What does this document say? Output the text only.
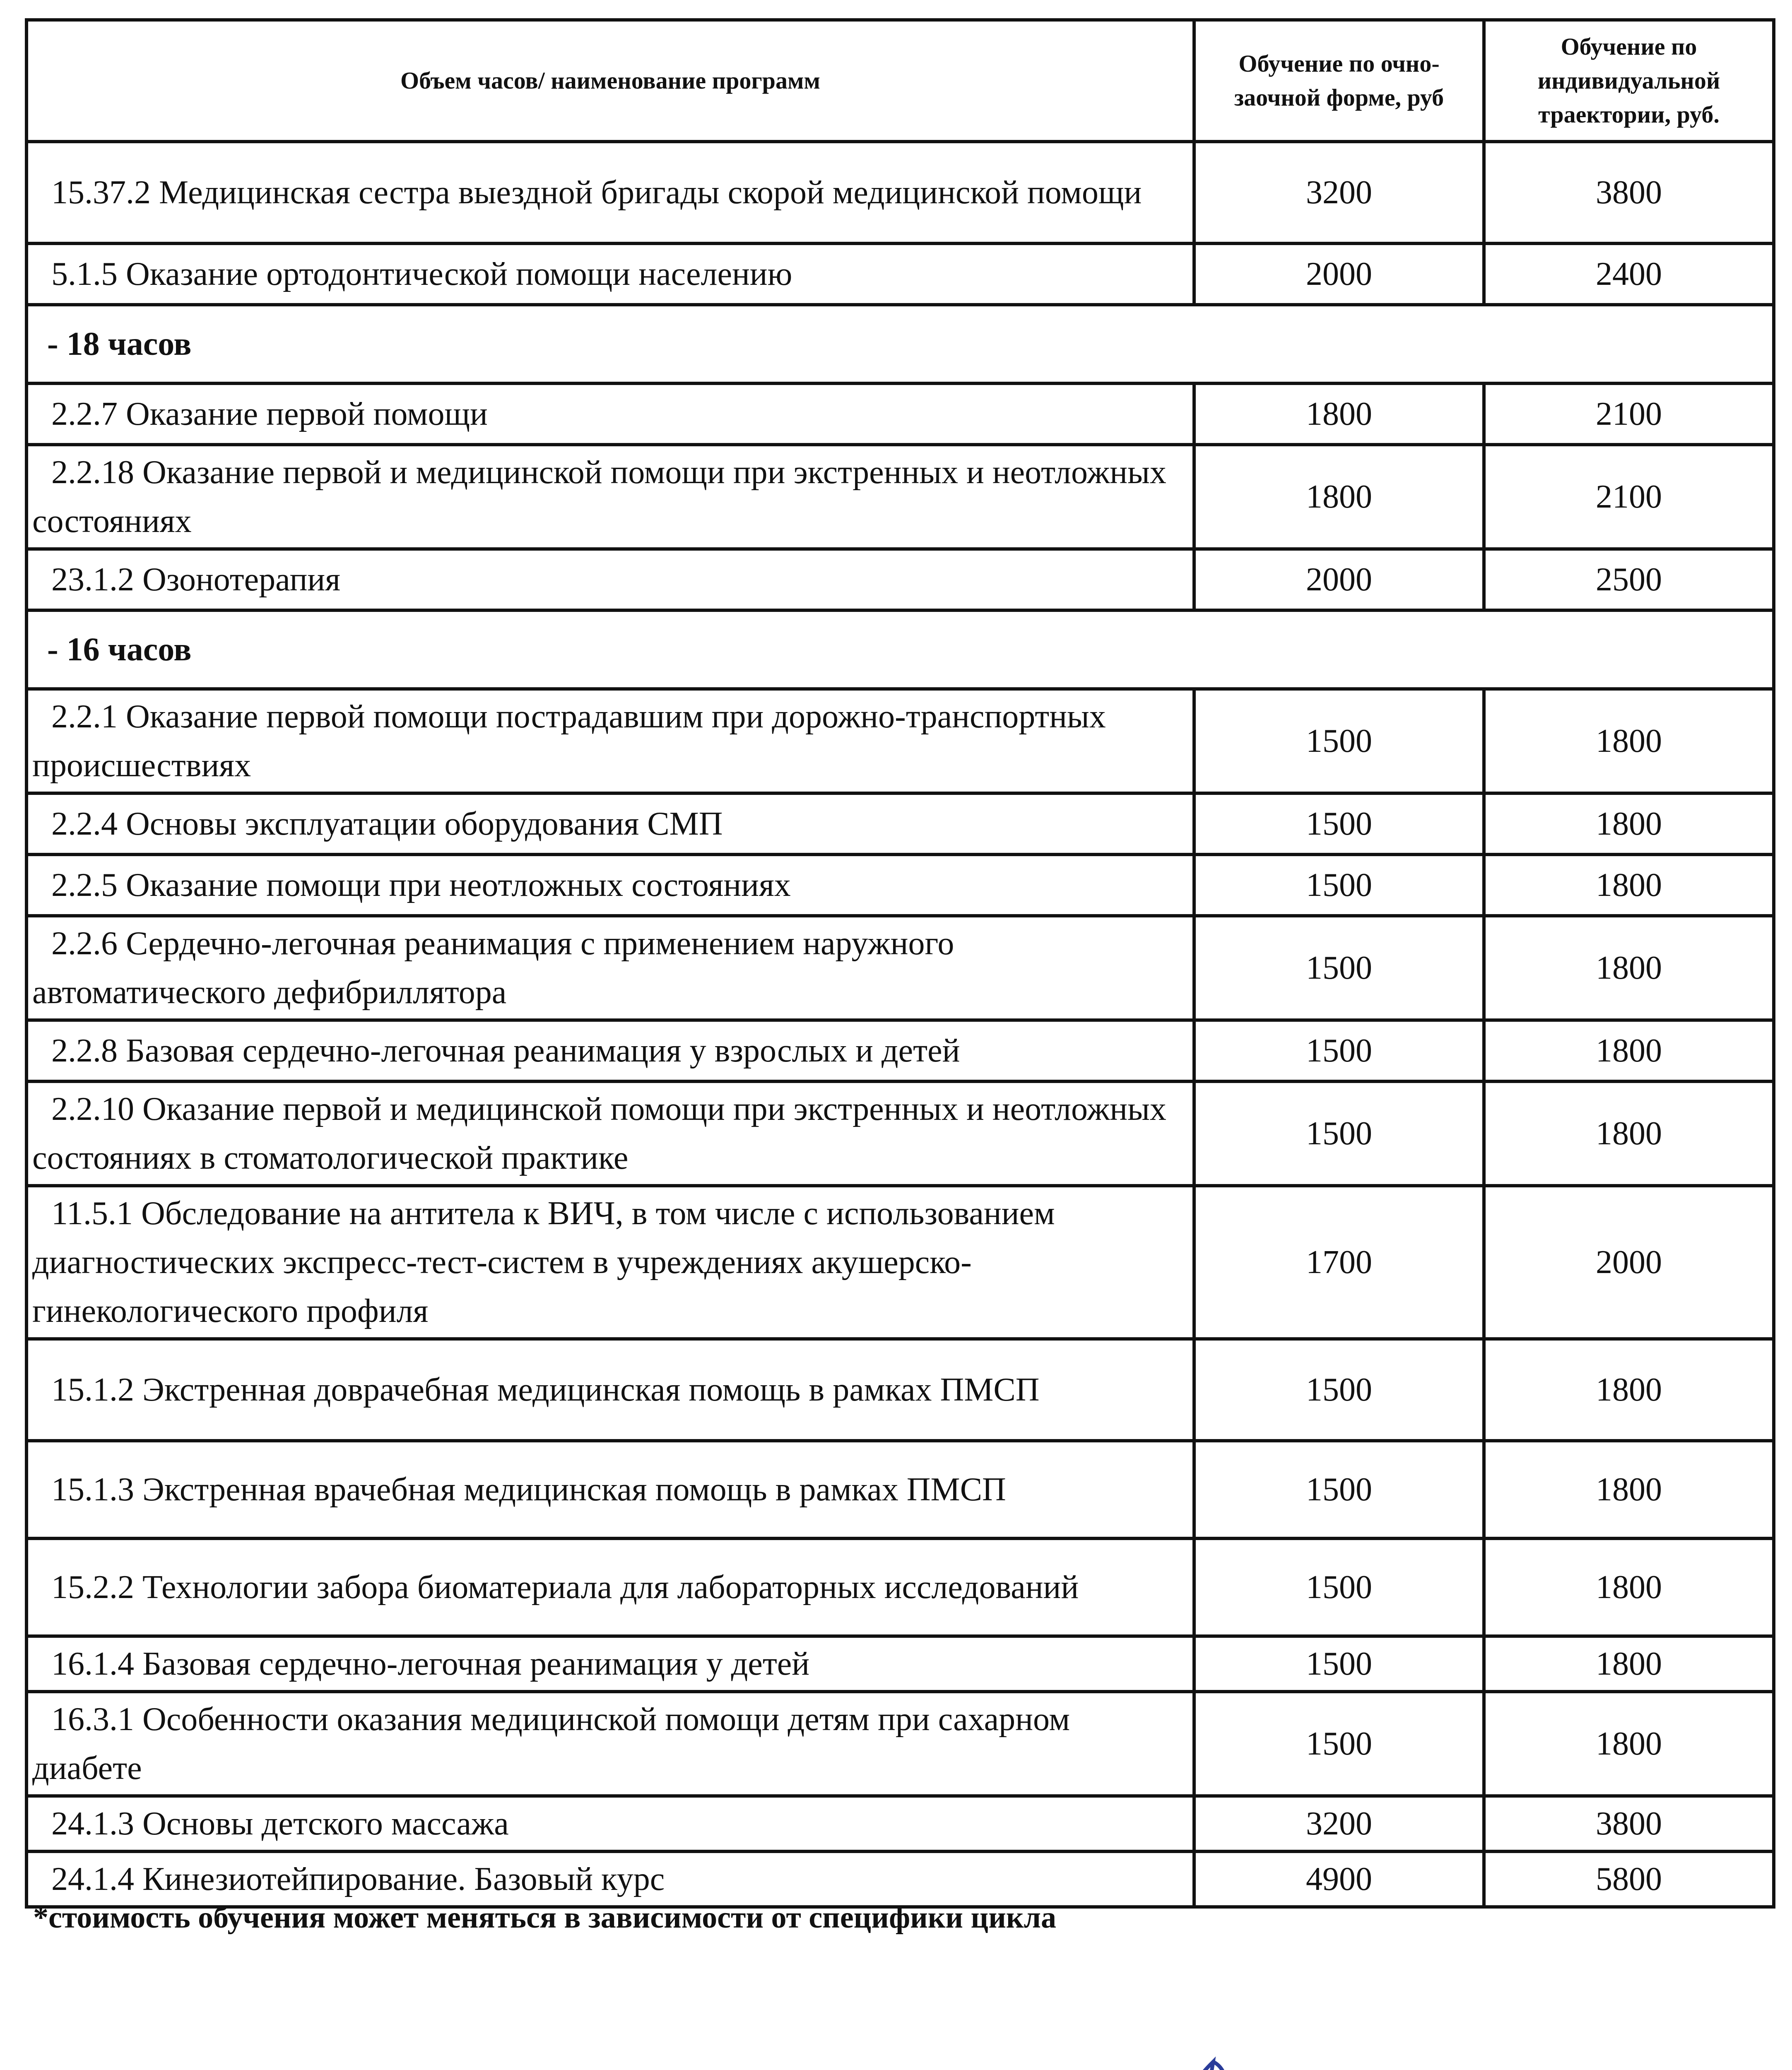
Объем часов/ наименование программ	Обучение по очно-заочной форме, руб	Обучение по индивидуальной траектории, руб.
15.37.2 Медицинская сестра выездной бригады скорой медицинской помощи	3200	3800
5.1.5 Оказание ортодонтической помощи населению	2000	2400
- 18 часов		
2.2.7 Оказание первой помощи	1800	2100
2.2.18 Оказание первой и медицинской помощи при экстренных и неотложных состояниях	1800	2100
23.1.2 Озонотерапия	2000	2500
- 16 часов		
2.2.1 Оказание первой помощи пострадавшим при дорожно-транспортных происшествиях	1500	1800
2.2.4 Основы эксплуатации оборудования СМП	1500	1800
2.2.5 Оказание помощи при неотложных состояниях	1500	1800
2.2.6 Сердечно-легочная реанимация с применением наружного автоматического дефибриллятора	1500	1800
2.2.8 Базовая сердечно-легочная реанимация у взрослых и детей	1500	1800
2.2.10 Оказание первой и медицинской помощи при экстренных и неотложных состояниях в стоматологической практике	1500	1800
11.5.1 Обследование на антитела к ВИЧ, в том числе с использованием диагностических экспресс-тест-систем в учреждениях акушерско-гинекологического профиля	1700	2000
15.1.2 Экстренная доврачебная медицинская помощь в рамках ПМСП	1500	1800
15.1.3 Экстренная врачебная медицинская помощь в рамках ПМСП	1500	1800
15.2.2 Технологии забора биоматериала для лабораторных исследований	1500	1800
16.1.4 Базовая сердечно-легочная реанимация у детей	1500	1800
16.3.1 Особенности оказания медицинской помощи детям при сахарном диабете	1500	1800
24.1.3 Основы детского массажа	3200	3800
24.1.4 Кинезиотейпирование. Базовый курс	4900	5800
*стоимость обучения может меняться в зависимости от специфики цикла
